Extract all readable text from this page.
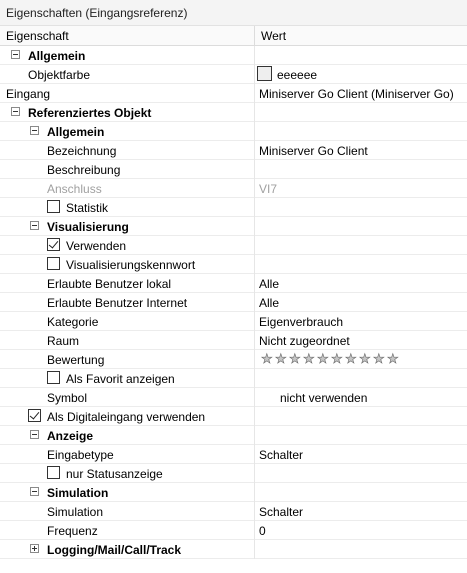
Eigenschaften (Eingangsreferenz)
Eigenschaft	Wert
Allgemein
Objektfarbe	eeeeee
Eingang	Miniserver Go Client (Miniserver Go)
Referenziertes Objekt
Allgemein
Bezeichnung	Miniserver Go Client
Beschreibung
Anschluss	VI7
Statistik
Visualisierung
Verwenden
Visualisierungskennwort
Erlaubte Benutzer lokal	Alle
Erlaubte Benutzer Internet	Alle
Kategorie	Eigenverbrauch
Raum	Nicht zugeordnet
Bewertung	★ ★ ★ ★ ★ ★ ★ ★ ★ ★
Als Favorit anzeigen
Symbol	nicht verwenden
Als Digitaleingang verwenden
Anzeige
Eingabetype	Schalter
nur Statusanzeige
Simulation
Simulation	Schalter
Frequenz	0
Logging/Mail/Call/Track
